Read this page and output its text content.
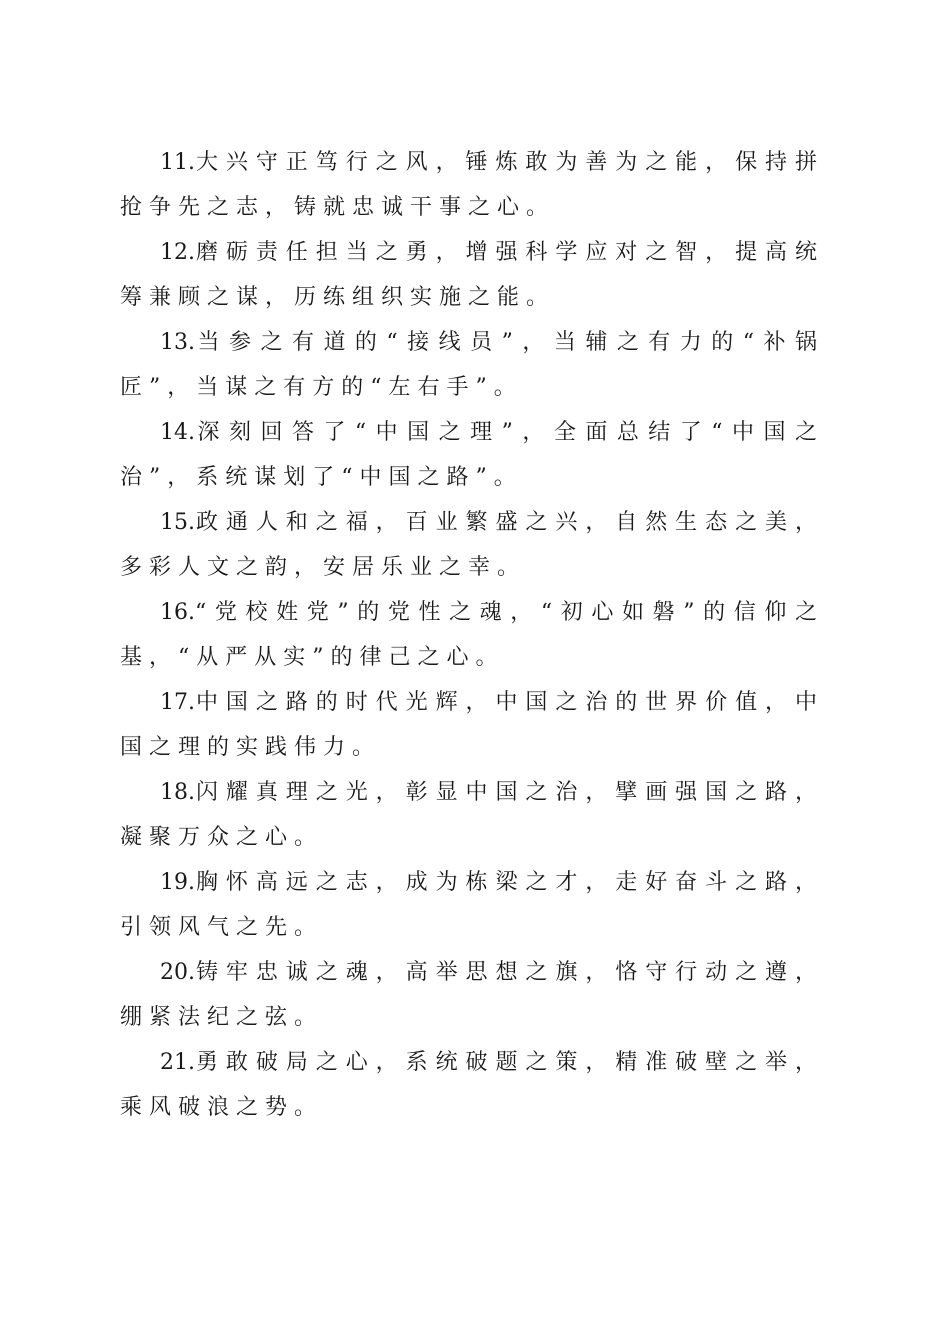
11.大兴守正笃行之风，锤炼敢为善为之能，保持拼抢争先之志，铸就忠诚干事之心。

12.磨砺责任担当之勇，增强科学应对之智，提高统筹兼顾之谋，历练组织实施之能。

13.当参之有道的“接线员”，当辅之有力的“补锅匠”，当谋之有方的“左右手”。

14.深刻回答了“中国之理”，全面总结了“中国之治”，系统谋划了“中国之路”。

15.政通人和之福，百业繁盛之兴，自然生态之美，多彩人文之韵，安居乐业之幸。

16.“党校姓党”的党性之魂，“初心如磐”的信仰之基，“从严从实”的律己之心。

17.中国之路的时代光辉，中国之治的世界价值，中国之理的实践伟力。

18.闪耀真理之光，彰显中国之治，擘画强国之路，凝聚万众之心。

19.胸怀高远之志，成为栋梁之才，走好奋斗之路，引领风气之先。

20.铸牢忠诚之魂，高举思想之旗，恪守行动之遵，绷紧法纪之弦。

21.勇敢破局之心，系统破题之策，精准破壁之举，乘风破浪之势。
